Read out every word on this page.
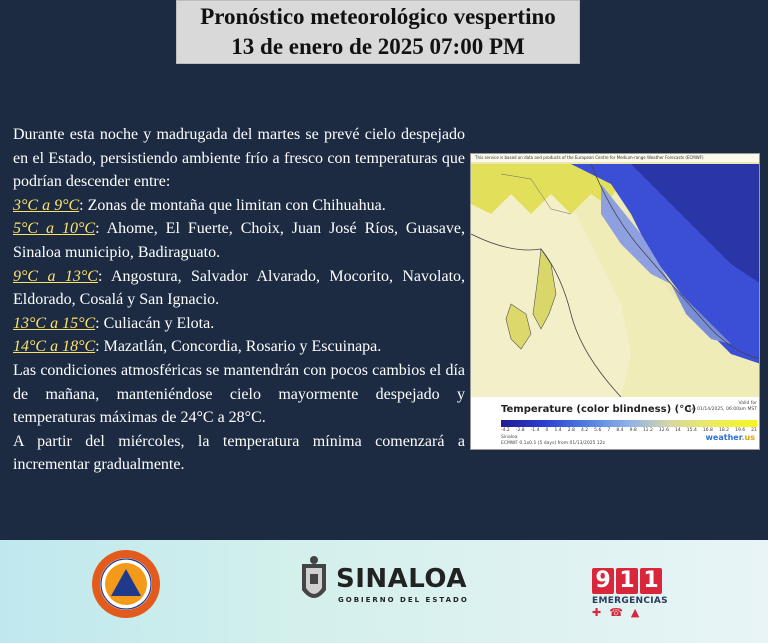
Pronóstico meteorológico vespertino
13 de enero de 2025 07:00 PM

Durante esta noche y madrugada del martes se prevé cielo despejado en el Estado, persistiendo ambiente frío a fresco con temperaturas que podrían descender entre:

3°C a 9°C: Zonas de montaña que limitan con Chihuahua.

5°C a 10°C: Ahome, El Fuerte, Choix, Juan José Ríos, Guasave, Sinaloa municipio, Badiraguato.

9°C a 13°C: Angostura, Salvador Alvarado, Mocorito, Navolato, Eldorado, Cosalá y San Ignacio.

13°C a 15°C: Culiacán y Elota.

14°C a 18°C: Mazatlán, Concordia, Rosario y Escuinapa.

Las condiciones atmosféricas se mantendrán con pocos cambios el día de mañana, manteniéndose cielo mayormente despejado y temperaturas máximas de 24°C a 28°C.

A partir del miércoles, la temperatura mínima comenzará a incrementar gradualmente.

This service is based on data and products of the European Centre for Medium-range Weather Forecasts (ECMWF)
Temperature (color blindness) (°C)
Valid for
Tue 01/14/2025, 06:00am MST
-4.2 -2.8 -1.4 0 1.4 2.8 4.2 5.6 7 8.4 9.8 11.2 12.6 14 15.4 16.8 18.2 19.6 21
Sinaloa
ECMWF 0.1x0.1 (5 days) from 01/13/2025 12z
weather.us
SINALOA
GOBIERNO DEL ESTADO
9 1 1
EMERGENCIAS
✚☎▲
